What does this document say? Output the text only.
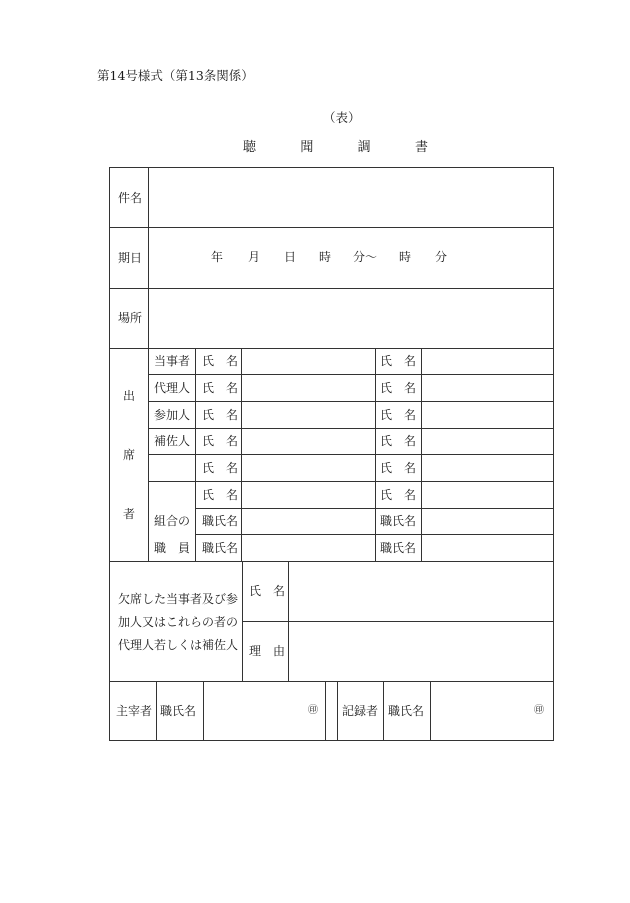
第14号様式（第13条関係）
（表）
聴	聞	調	書
件名
期日	年 月 日 時 分～ 時 分
場所
出
席
者
当事者 氏　名	氏　名
代理人 氏　名	氏　名
参加人 氏　名	氏　名
補佐人 氏　名	氏　名
氏　名	氏　名
氏　名	氏　名
組合の 職氏名	職氏名
職　員 職氏名	職氏名
欠席した当事者及び参
加人又はこれらの者の
代理人若しくは補佐人
氏　名
理　由
主宰者 職氏名	㊞ 記録者 職氏名	㊞
